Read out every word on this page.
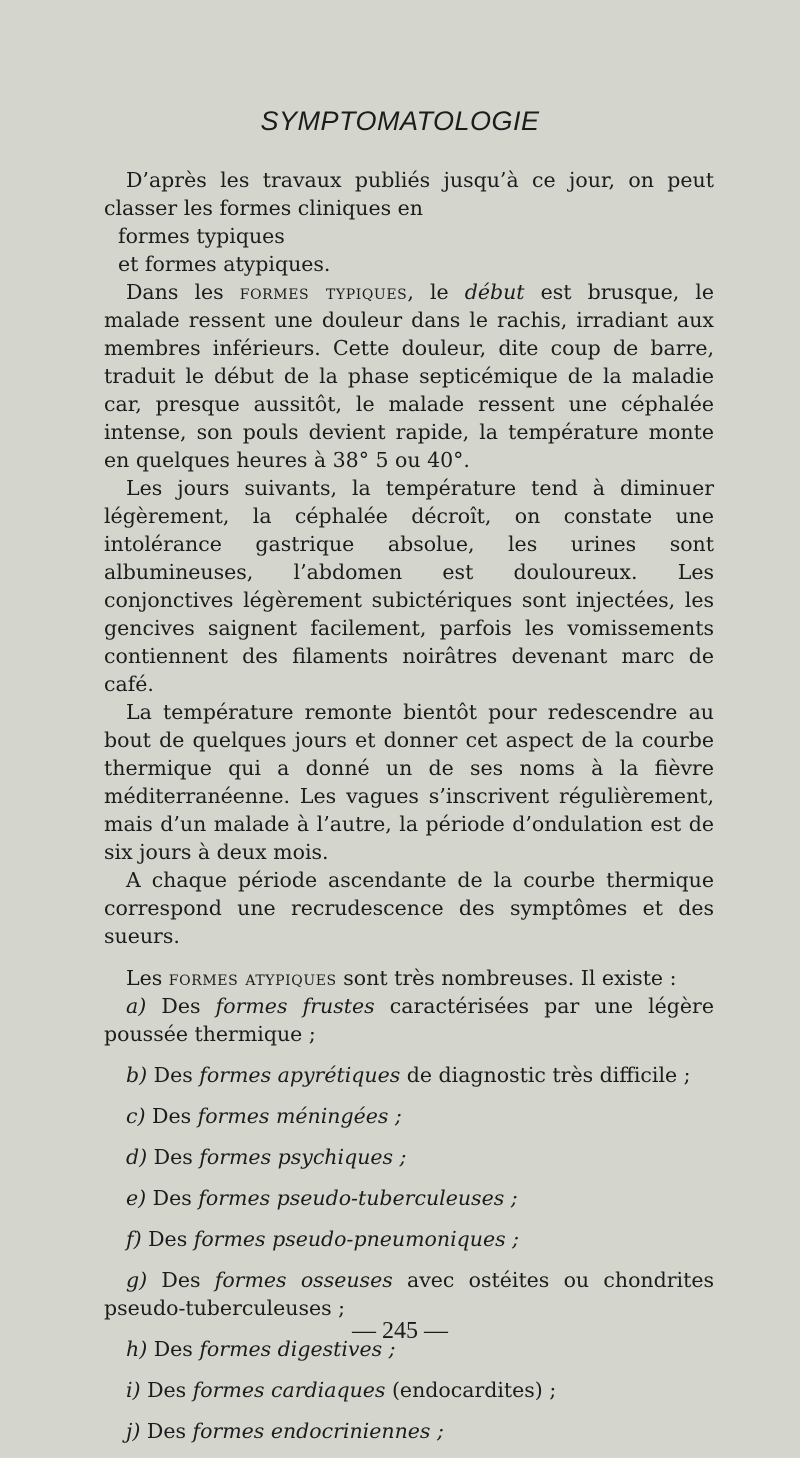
SYMPTOMATOLOGIE

D’après les travaux publiés jusqu’à ce jour, on peut classer les formes cliniques en

formes typiques

et formes atypiques.

Dans les formes typiques, le début est brusque, le malade ressent une douleur dans le rachis, irradiant aux membres inférieurs. Cette douleur, dite coup de barre, traduit le début de la phase septicémique de la maladie car, presque aussitôt, le malade ressent une céphalée intense, son pouls devient rapide, la température monte en quelques heures à 38° 5 ou 40°.

Les jours suivants, la température tend à diminuer légèrement, la céphalée décroît, on constate une intolérance gastrique absolue, les urines sont albumineuses, l’abdomen est douloureux. Les conjonctives légèrement subictériques sont injectées, les gencives saignent facilement, parfois les vomissements contiennent des filaments noirâtres devenant marc de café.

La température remonte bientôt pour redescendre au bout de quelques jours et donner cet aspect de la courbe thermique qui a donné un de ses noms à la fièvre méditerranéenne. Les vagues s’inscrivent régulièrement, mais d’un malade à l’autre, la période d’ondulation est de six jours à deux mois.

A chaque période ascendante de la courbe thermique correspond une recrudescence des symptômes et des sueurs.

Les formes atypiques sont très nombreuses. Il existe :

a) Des formes frustes caractérisées par une légère poussée thermique ;

b) Des formes apyrétiques de diagnostic très difficile ;

c) Des formes méningées ;

d) Des formes psychiques ;

e) Des formes pseudo-tuberculeuses ;

f) Des formes pseudo-pneumoniques ;

g) Des formes osseuses avec ostéites ou chondrites pseudo-tuberculeuses ;

h) Des formes digestives ;

i) Des formes cardiaques (endocardites) ;

j) Des formes endocriniennes ;

— 245 —
